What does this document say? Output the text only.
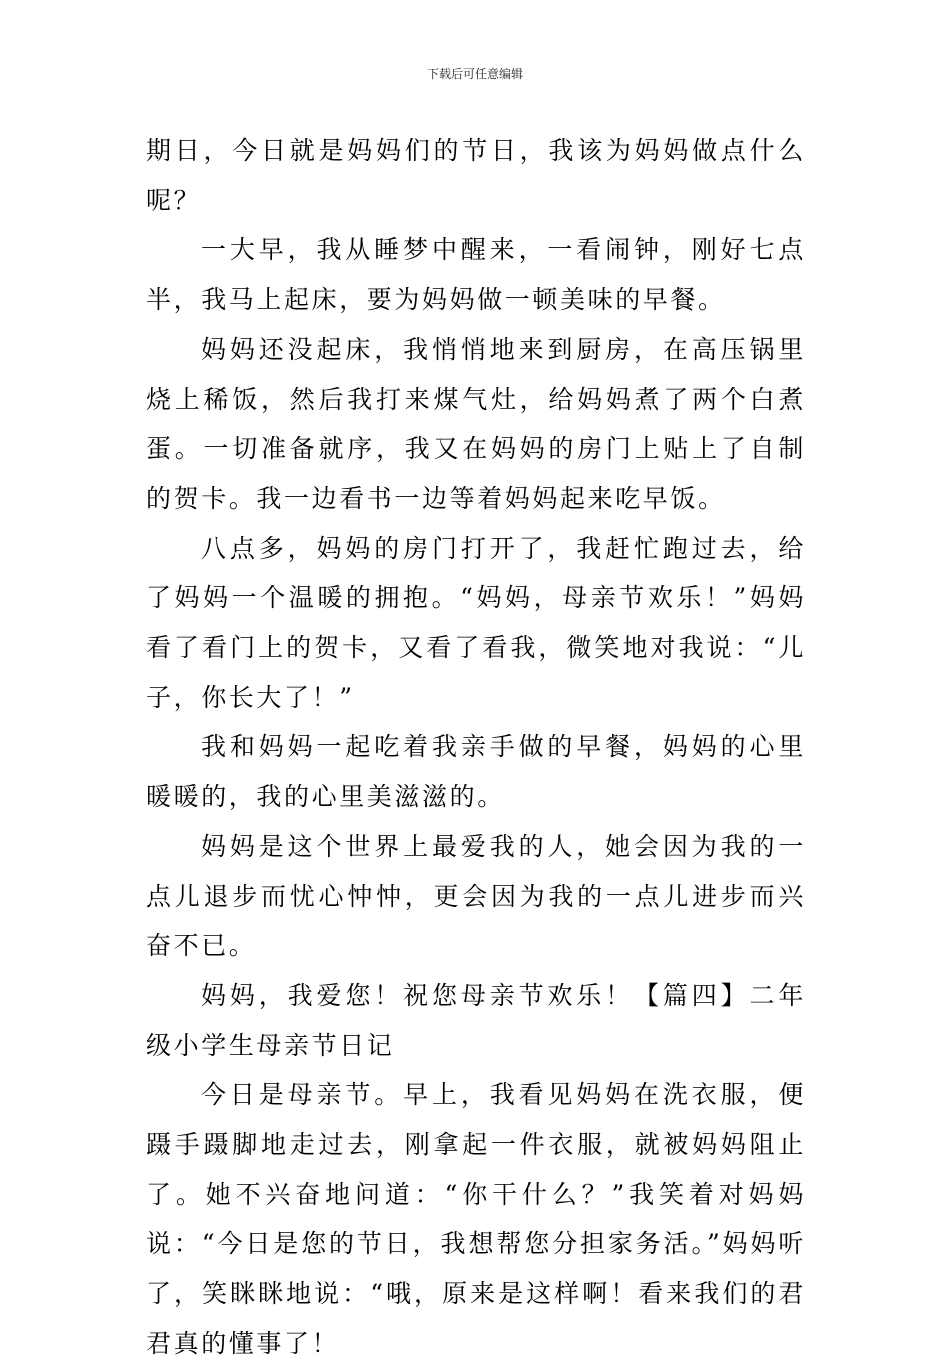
下载后可任意编辑

期日，今日就是妈妈们的节日，我该为妈妈做点什么呢？

一大早，我从睡梦中醒来，一看闹钟，刚好七点半，我马上起床，要为妈妈做一顿美味的早餐。

妈妈还没起床，我悄悄地来到厨房，在高压锅里烧上稀饭，然后我打来煤气灶，给妈妈煮了两个白煮蛋。一切准备就序，我又在妈妈的房门上贴上了自制的贺卡。我一边看书一边等着妈妈起来吃早饭。

八点多，妈妈的房门打开了，我赶忙跑过去，给了妈妈一个温暖的拥抱。“妈妈，母亲节欢乐！”妈妈看了看门上的贺卡，又看了看我，微笑地对我说：“儿子，你长大了！”

我和妈妈一起吃着我亲手做的早餐，妈妈的心里暖暖的，我的心里美滋滋的。

妈妈是这个世界上最爱我的人，她会因为我的一点儿退步而忧心忡忡，更会因为我的一点儿进步而兴奋不已。

妈妈，我爱您！祝您母亲节欢乐！【篇四】二年级小学生母亲节日记

今日是母亲节。早上，我看见妈妈在洗衣服，便蹑手蹑脚地走过去，刚拿起一件衣服，就被妈妈阻止了。她不兴奋地问道：“你干什么？”我笑着对妈妈说：“今日是您的节日，我想帮您分担家务活。”妈妈听了，笑眯眯地说：“哦，原来是这样啊！看来我们的君君真的懂事了！
